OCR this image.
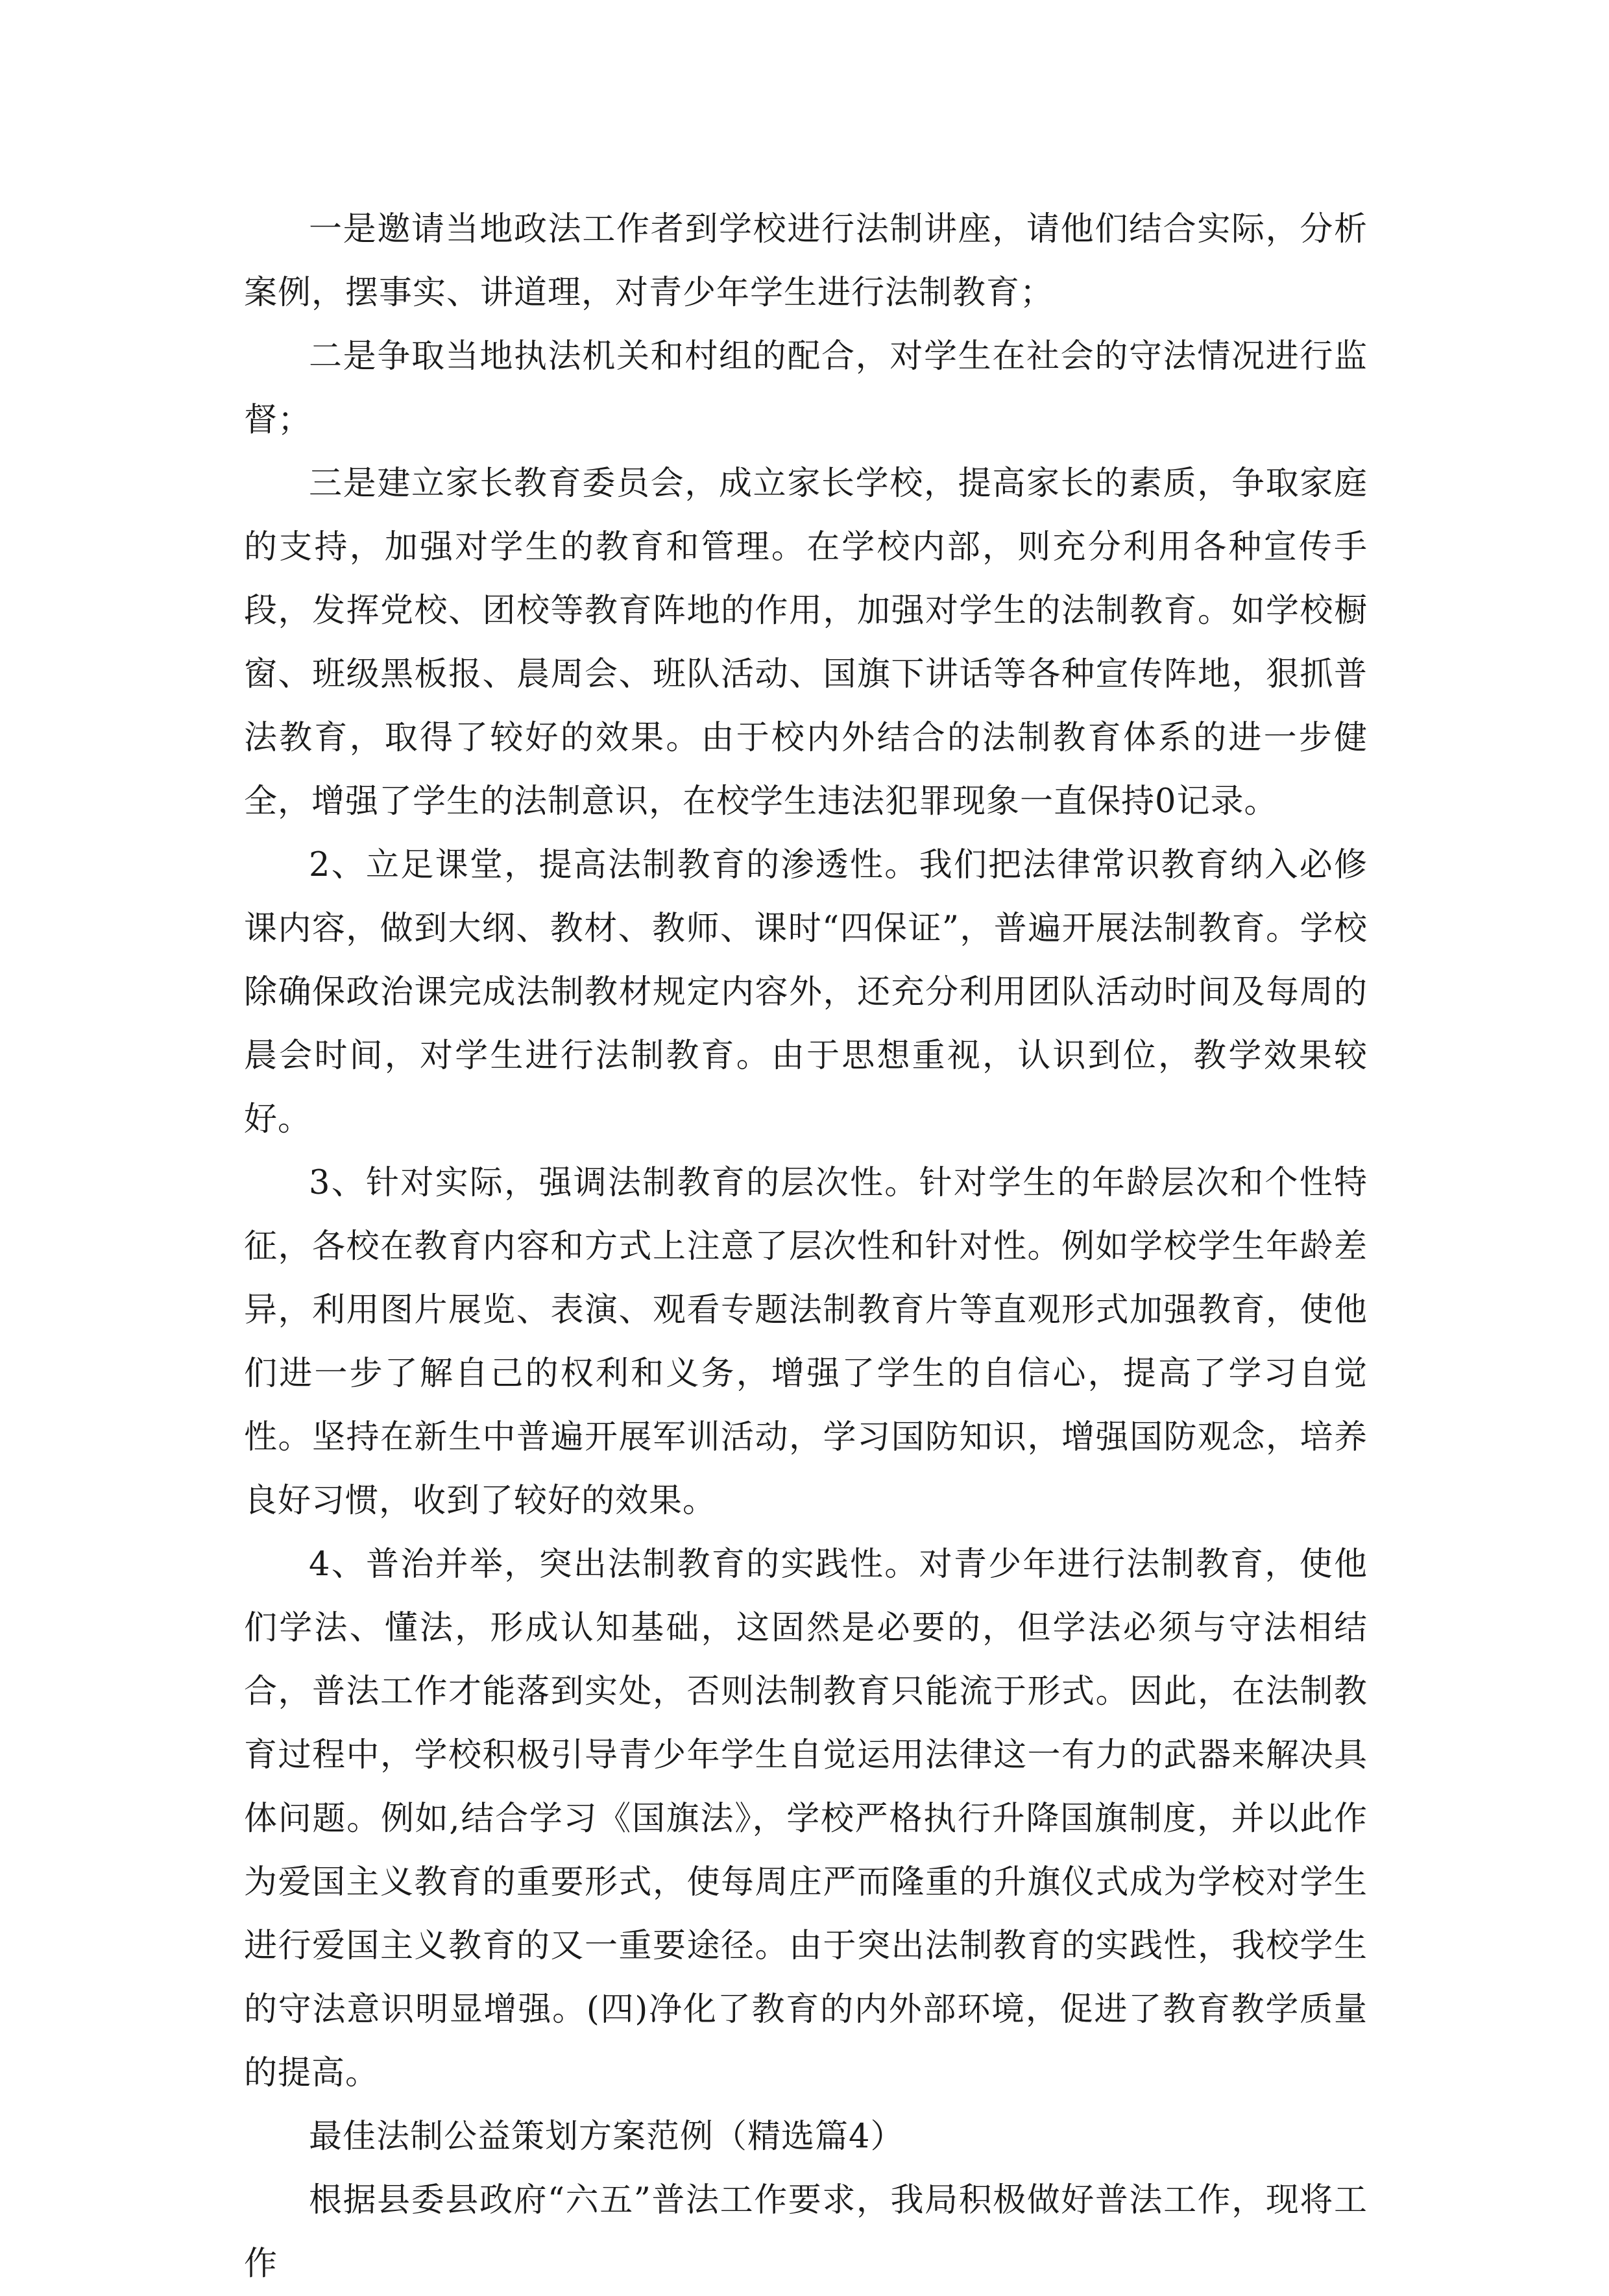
一是邀请当地政法工作者到学校进行法制讲座，请他们结合实际，分析案例，摆事实、讲道理，对青少年学生进行法制教育；

二是争取当地执法机关和村组的配合，对学生在社会的守法情况进行监督；

三是建立家长教育委员会，成立家长学校，提高家长的素质，争取家庭的支持，加强对学生的教育和管理。在学校内部，则充分利用各种宣传手段，发挥党校、团校等教育阵地的作用，加强对学生的法制教育。如学校橱窗、班级黑板报、晨周会、班队活动、国旗下讲话等各种宣传阵地，狠抓普法教育，取得了较好的效果。由于校内外结合的法制教育体系的进一步健全，增强了学生的法制意识，在校学生违法犯罪现象一直保持0记录。

2、立足课堂，提高法制教育的渗透性。我们把法律常识教育纳入必修课内容，做到大纲、教材、教师、课时“四保证”，普遍开展法制教育。学校除确保政治课完成法制教材规定内容外，还充分利用团队活动时间及每周的晨会时间，对学生进行法制教育。由于思想重视，认识到位，教学效果较好。

3、针对实际，强调法制教育的层次性。针对学生的年龄层次和个性特征，各校在教育内容和方式上注意了层次性和针对性。例如学校学生年龄差异，利用图片展览、表演、观看专题法制教育片等直观形式加强教育，使他们进一步了解自己的权利和义务，增强了学生的自信心，提高了学习自觉性。坚持在新生中普遍开展军训活动，学习国防知识，增强国防观念，培养良好习惯，收到了较好的效果。

4、普治并举，突出法制教育的实践性。对青少年进行法制教育，使他们学法、懂法，形成认知基础，这固然是必要的，但学法必须与守法相结合，普法工作才能落到实处，否则法制教育只能流于形式。因此，在法制教育过程中，学校积极引导青少年学生自觉运用法律这一有力的武器来解决具体问题。例如,结合学习《国旗法》，学校严格执行升降国旗制度，并以此作为爱国主义教育的重要形式，使每周庄严而隆重的升旗仪式成为学校对学生进行爱国主义教育的又一重要途径。由于突出法制教育的实践性，我校学生的守法意识明显增强。(四)净化了教育的内外部环境，促进了教育教学质量的提高。

最佳法制公益策划方案范例（精选篇4）

根据县委县政府“六五”普法工作要求，我局积极做好普法工作，现将工作
